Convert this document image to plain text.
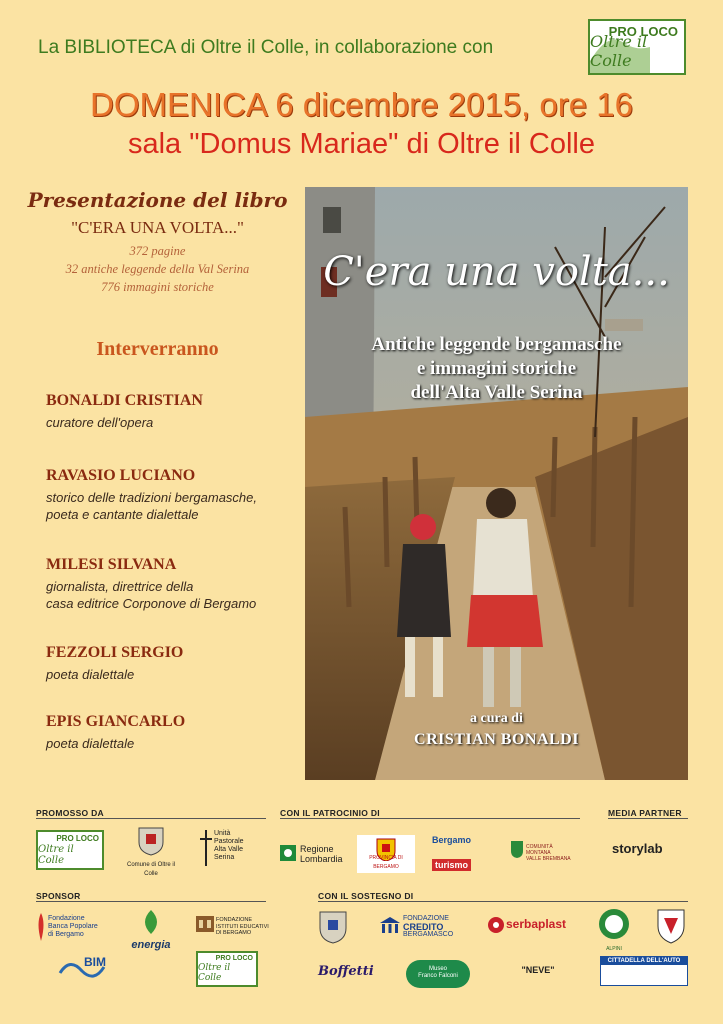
La BIBLIOTECA di Oltre il Colle, in collaborazione con
PRO LOCO
Oltre il Colle
DOMENICA 6 dicembre 2015, ore 16
sala "Domus Mariae" di Oltre il Colle
Presentazione del libro
"C'ERA UNA VOLTA..."
372 pagine
32 antiche leggende della Val Serina
776 immagini storiche
Interverranno
BONALDI CRISTIAN
curatore dell'opera
RAVASIO LUCIANO
storico delle tradizioni bergamasche,
poeta e cantante dialettale
MILESI SILVANA
giornalista, direttrice della
casa editrice Corponove di Bergamo
FEZZOLI SERGIO
poeta dialettale
EPIS GIANCARLO
poeta dialettale
C'era una volta...
Antiche leggende bergamasche
e immagini storiche
dell'Alta Valle Serina
a cura di
CRISTIAN BONALDI
PROMOSSO DA	CON IL PATROCINIO DI	MEDIA PARTNER
SPONSOR	CON IL SOSTEGNO DI
PRO LOCO
Oltre il Colle	Comune di Oltre il Colle
Unità
Pastorale
Alta Valle
Serina
Regione
Lombardia	PROVINCIA DI BERGAMO
Bergamo
turismo
COMUNITÀ MONTANA
VALLE BREMBANA
storylab
Fondazione
Banca Popolare
di Bergamo
energia
FONDAZIONE
ISTITUTI EDUCATIVI
DI BERGAMO
BIM	PRO LOCO
Oltre il Colle
FONDAZIONE
CREDITO
BERGAMASCO
serbaplast
ALPINI
Boffetti	Museo
Franco Falconi
"NEVE"
CITTADELLA DELL'AUTO
